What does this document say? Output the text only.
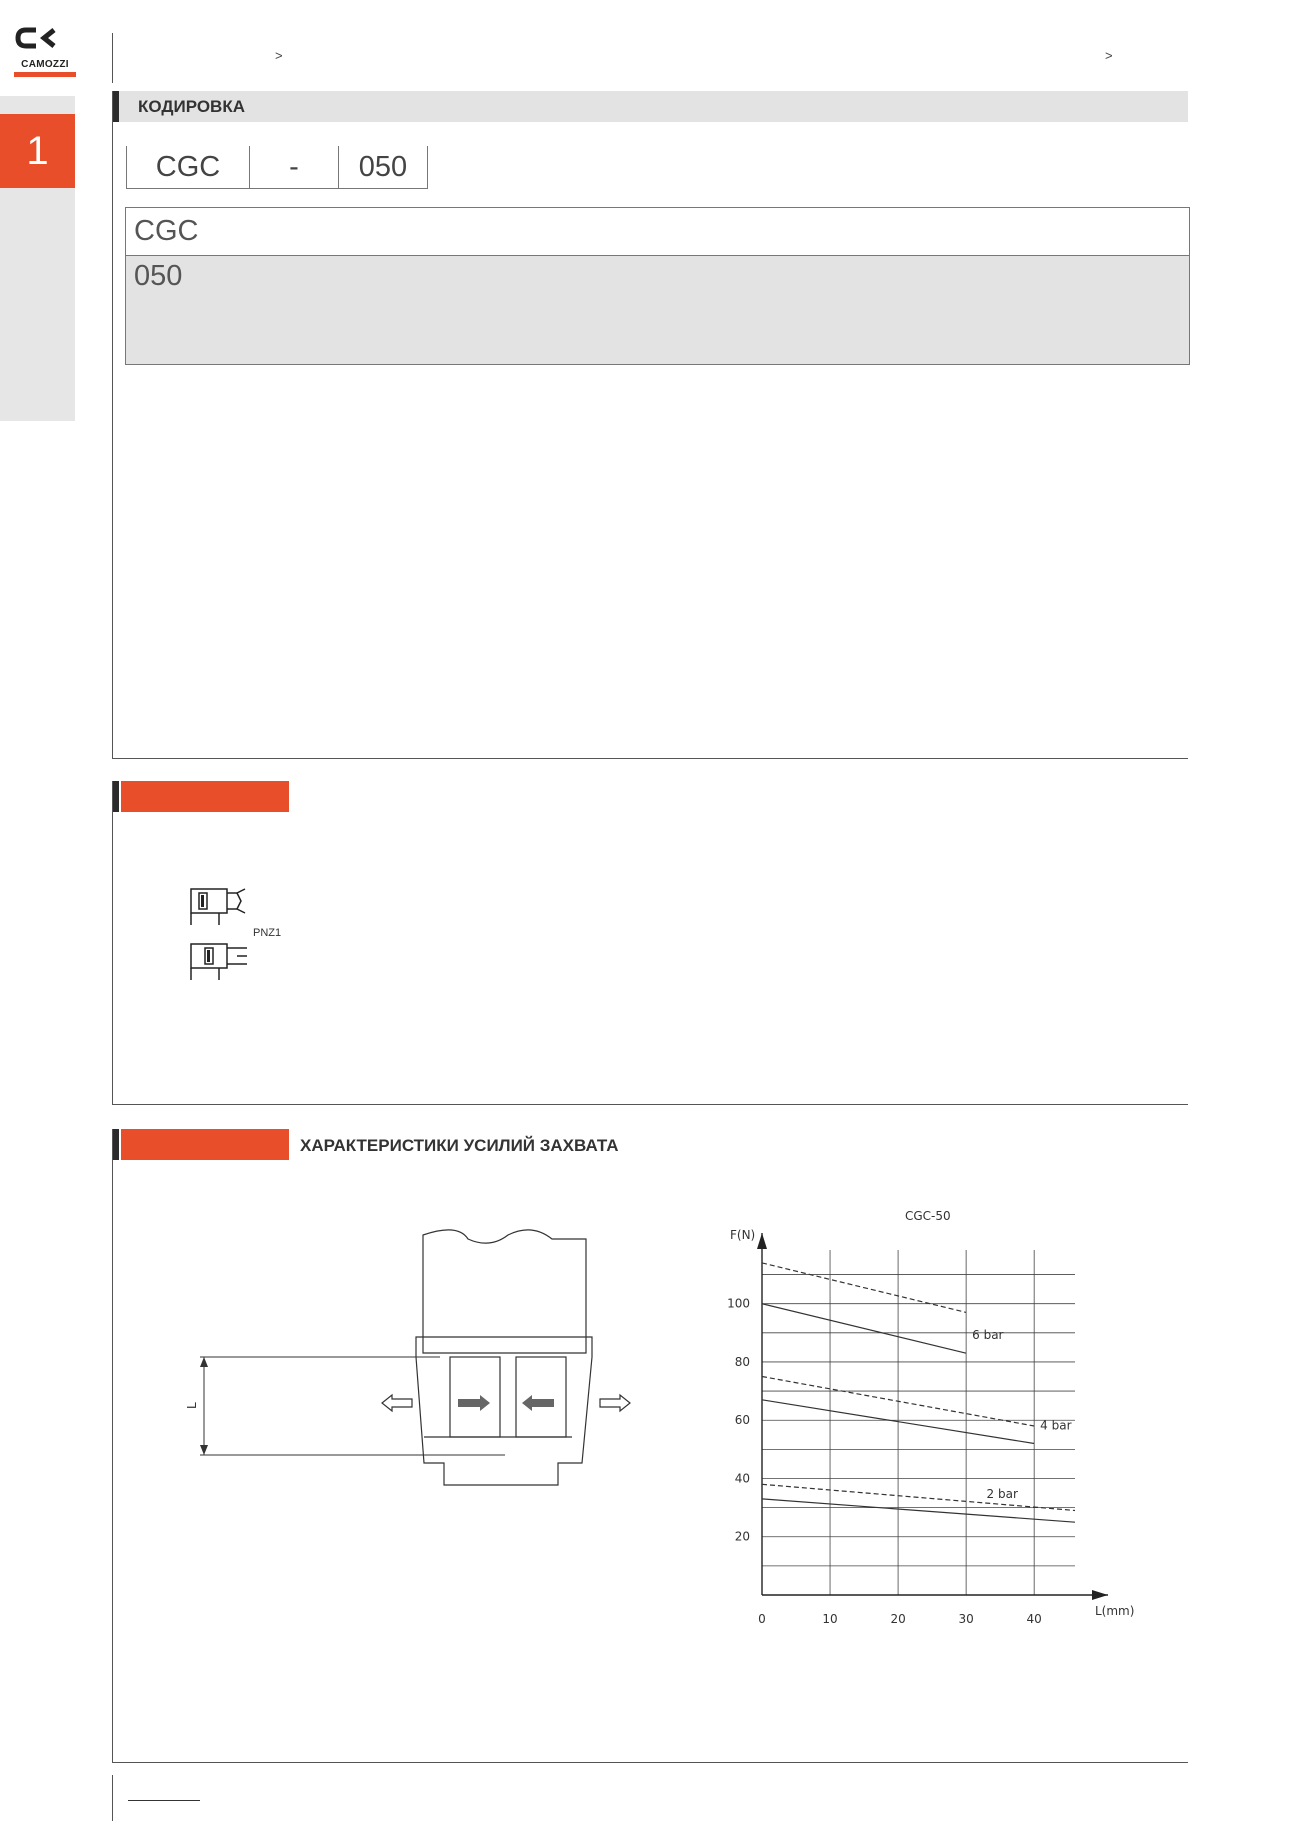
CAMOZZI
1
>	>
КОДИРОВКА
CGC	-	050
CGC
050
PNZ1
ХАРАКТЕРИСТИКИ УСИЛИЙ ЗАХВАТА
L
6 bar
4 bar
2 bar
20
40
60
80
100
0	10	20	30	40
CGC-50
F(N)
L(mm)
